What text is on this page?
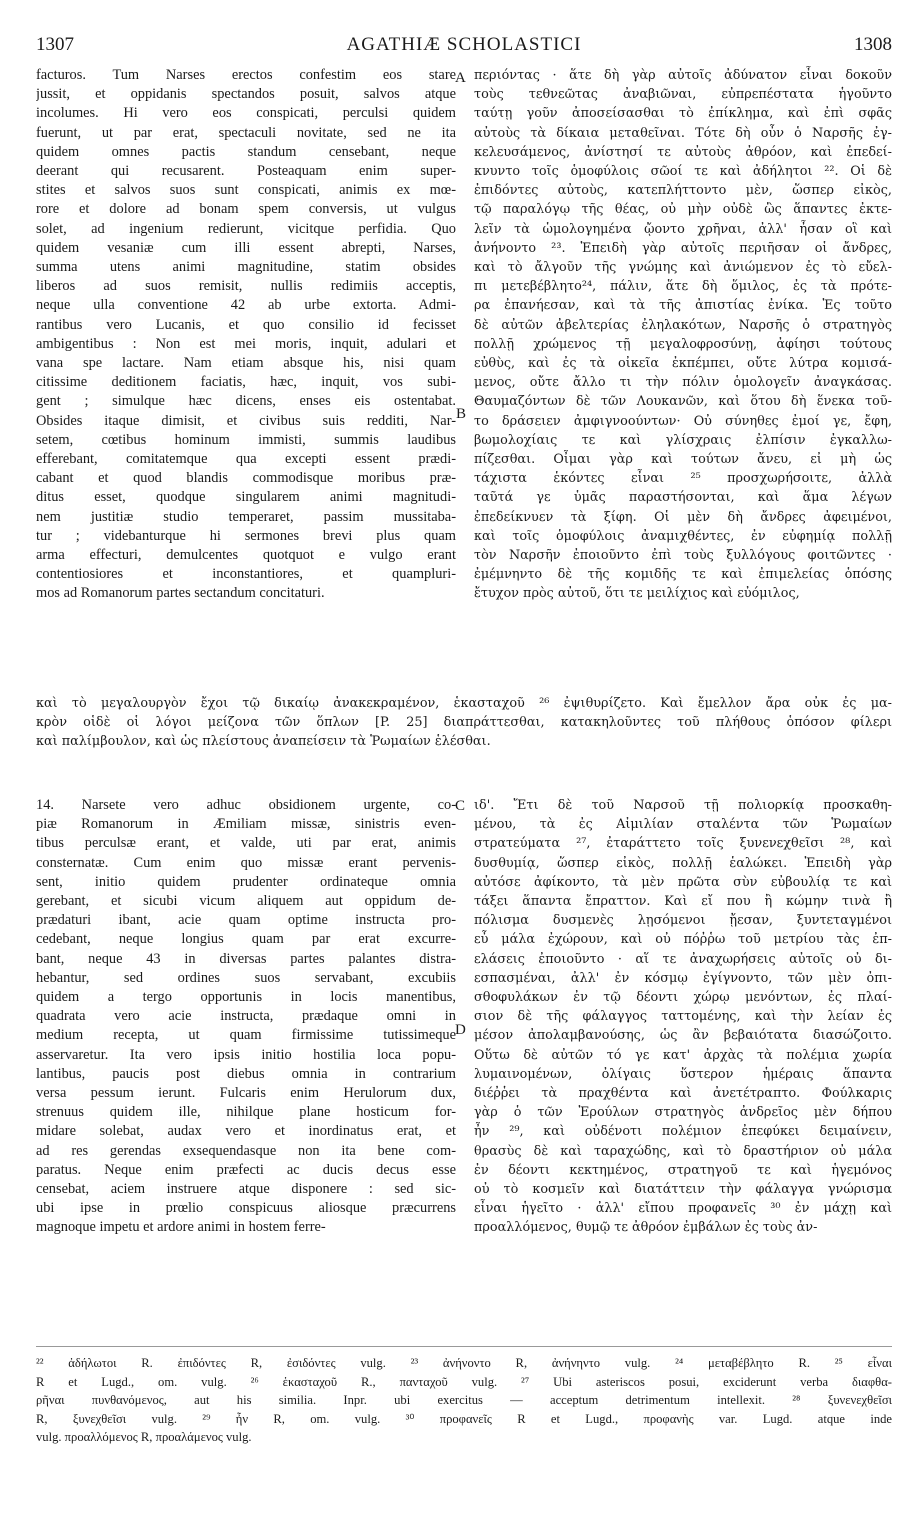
1307	AGATHIÆ SCHOLASTICI	1308
A
B
C
D
facturos. Tum Narses erectos confestim eos stare
jussit, et oppidanis spectandos posuit, salvos atque
incolumes. Hi vero eos conspicati, perculsi quidem
fuerunt, ut par erat, spectaculi novitate, sed ne ita
quidem omnes pactis standum censebant, neque
deerant qui recusarent. Posteaquam enim super-
stites et salvos suos sunt conspicati, animis ex mœ-
rore et dolore ad bonam spem conversis, ut vulgus
solet, ad ingenium redierunt, vicitque perfidia. Quo
quidem vesaniæ cum illi essent abrepti, Narses,
summa utens animi magnitudine, statim obsides
liberos ad suos remisit, nullis redimiis acceptis,
neque ulla conventione 42 ab urbe extorta. Admi-
rantibus vero Lucanis, et quo consilio id fecisset
ambigentibus : Non est mei moris, inquit, adulari et
vana spe lactare. Nam etiam absque his, nisi quam
citissime deditionem faciatis, hæc, inquit, vos subi-
gent ; simulque hæc dicens, enses eis ostentabat.
Obsides itaque dimisit, et civibus suis redditi, Nar-
setem, cœtibus hominum immisti, summis laudibus
efferebant, comitatemque qua excepti essent prædi-
cabant et quod blandis commodisque moribus præ-
ditus esset, quodque singularem animi magnitudi-
nem justitiæ studio temperaret, passim mussitaba-
tur ; videbanturque hi sermones brevi plus quam
arma effecturi, demulcentes quotquot e vulgo erant
contentiosiores et inconstantiores, et quampluri-
mos ad Romanorum partes sectandum concitaturi.
περιόντας · ἅτε δὴ γὰρ αὐτοῖς ἀδύνατον εἶναι δοκοῦν
τοὺς τεθνεῶτας ἀναβιῶναι, εὐπρεπέστατα ἡγοῦντο
ταύτῃ γοῦν ἀποσείσασθαι τὸ ἐπίκλημα, καὶ ἐπὶ σφᾶς
αὐτοὺς τὰ δίκαια μεταθεῖναι. Τότε δὴ οὖν ὁ Ναρσῆς ἐγ-
κελευσάμενος, ἀνίστησί τε αὐτοὺς ἀθρόον, καὶ ἐπεδεί-
κνυντο τοῖς ὁμοφύλοις σῶοί τε καὶ ἀδήλητοι ²². Οἱ δὲ
ἐπιδόντες αὐτοὺς, κατεπλήττοντο μὲν, ὥσπερ εἰκὸς,
τῷ παραλόγῳ τῆς θέας, οὐ μὴν οὐδὲ ὣς ἅπαντες ἐκτε-
λεῖν τὰ ὡμολογημένα ᾤοντο χρῆναι, ἀλλ' ἦσαν οἳ καὶ
ἀνήνοντο ²³. Ἐπειδὴ γὰρ αὐτοῖς περιῆσαν οἱ ἄνδρες,
καὶ τὸ ἄλγοῦν τῆς γνώμης καὶ ἀνιώμενον ἐς τὸ εὔελ-
πι μετεβέβλητο²⁴, πάλιν, ἅτε δὴ ὅμιλος, ἐς τὰ πρότε-
ρα ἐπανήεσαν, καὶ τὰ τῆς ἀπιστίας ἐνίκα. Ἐς τοῦτο
δὲ αὐτῶν ἀβελτερίας ἐληλακότων, Ναρσῆς ὁ στρατηγὸς
πολλῇ χρώμενος τῇ μεγαλοφροσύνῃ, ἀφίησι τούτους
εὐθὺς, καὶ ἐς τὰ οἰκεῖα ἐκπέμπει, οὔτε λύτρα κομισά-
μενος, οὔτε ἄλλο τι τὴν πόλιν ὁμολογεῖν ἀναγκάσας.
Θαυμαζόντων δὲ τῶν Λουκανῶν, καὶ ὅτου δὴ ἕνεκα τοῦ-
το δράσειεν ἀμφιγνοούντων· Οὐ σύνηθες ἐμοί γε, ἔφη,
βωμολοχίαις τε καὶ γλίσχραις ἐλπίσιν ἐγκαλλω-
πίζεσθαι. Οἶμαι γὰρ καὶ τούτων ἄνευ, εἰ μὴ ὡς
τάχιστα ἑκόντες εἶναι ²⁵ προσχωρήσοιτε, ἀλλὰ
ταῦτά γε ὑμᾶς παραστήσονται, καὶ ἅμα λέγων
ἐπεδείκνυεν τὰ ξίφη. Οἱ μὲν δὴ ἄνδρες ἀφειμένοι,
καὶ τοῖς ὁμοφύλοις ἀναμιχθέντες, ἐν εὐφημίᾳ πολλῇ
τὸν Ναρσῆν ἐποιοῦντο ἐπὶ τοὺς ξυλλόγους φοιτῶντες ·
ἐμέμνηντο δὲ τῆς κομιδῆς τε καὶ ἐπιμελείας ὁπόσης
ἔτυχον πρὸς αὐτοῦ, ὅτι τε μειλίχιος καὶ εὐόμιλος,
καὶ τὸ μεγαλουργὸν ἔχοι τῷ δικαίῳ ἀνακεκραμένον, ἑκασταχοῦ ²⁶ ἐψιθυρίζετο. Καὶ ἔμελλον ἄρα οὐκ ἐς μα-
κρὸν οἱδὲ οἱ λόγοι μείζονα τῶν ὅπλων [P. 25] διαπράττεσθαι, κατακηλοῦντες τοῦ πλήθους ὁπόσον φίλερι
καὶ παλίμβουλον, καὶ ὡς πλείστους ἀναπείσειν τὰ Ῥωμαίων ἑλέσθαι.
14. Narsete vero adhuc obsidionem urgente, co-
piæ Romanorum in Æmiliam missæ, sinistris even-
tibus perculsæ erant, et valde, uti par erat, animis
consternatæ. Cum enim quo missæ erant pervenis-
sent, initio quidem prudenter ordinateque omnia
gerebant, et sicubi vicum aliquem aut oppidum de-
prædaturi ibant, acie quam optime instructa pro-
cedebant, neque longius quam par erat excurre-
bant, neque 43 in diversas partes palantes distra-
hebantur, sed ordines suos servabant, excubiis
quidem a tergo opportunis in locis manentibus,
quadrata vero acie instructa, prædaque omni in
medium recepta, ut quam firmissime tutissimeque
asservaretur. Ita vero ipsis initio hostilia loca popu-
lantibus, paucis post diebus omnia in contrarium
versa pessum ierunt. Fulcaris enim Herulorum dux,
strenuus quidem ille, nihilque plane hosticum for-
midare solebat, audax vero et inordinatus erat, et
ad res gerendas exsequendasque non ita bene com-
paratus. Neque enim præfecti ac ducis decus esse
censebat, aciem instruere atque disponere : sed sic-
ubi ipse in prœlio conspicuus aliosque præcurrens
magnoque impetu et ardore animi in hostem ferre-
ιδ'. Ἔτι δὲ τοῦ Ναρσοῦ τῇ πολιορκίᾳ προσκαθη-
μένου, τὰ ἐς Αἰμιλίαν σταλέντα τῶν Ῥωμαίων
στρατεύματα ²⁷, ἐταράττετο τοῖς ξυνενεχθεῖσι ²⁸, καὶ
δυσθυμίᾳ, ὥσπερ εἰκὸς, πολλῇ ἑαλώκει. Ἐπειδὴ γὰρ
αὐτόσε ἀφίκοντο, τὰ μὲν πρῶτα σὺν εὐβουλίᾳ τε καὶ
τάξει ἅπαντα ἔπραττον. Καὶ εἴ που ἢ κώμην τινὰ ἢ
πόλισμα δυσμενὲς λῃσόμενοι ᾔεσαν, ξυντεταγμένοι
εὖ μάλα ἐχώρουν, καὶ οὐ πόῤῥω τοῦ μετρίου τὰς ἐπ-
ελάσεις ἐποιοῦντο · αἵ τε ἀναχωρήσεις αὐτοῖς οὐ δι-
εσπασμέναι, ἀλλ' ἐν κόσμῳ ἐγίγνοντο, τῶν μὲν ὀπι-
σθοφυλάκων ἐν τῷ δέοντι χώρῳ μενόντων, ἐς πλαί-
σιον δὲ τῆς φάλαγγος ταττομένης, καὶ τὴν λείαν ἐς
μέσον ἀπολαμβανούσης, ὡς ἂν βεβαιότατα διασώζοιτο.
Οὕτω δὲ αὐτῶν τό γε κατ' ἀρχὰς τὰ πολέμια χωρία
λυμαινομένων, ὀλίγαις ὕστερον ἡμέραις ἅπαντα
διέῤῥει τὰ πραχθέντα καὶ ἀνετέτραπτο. Φούλκαρις
γὰρ ὁ τῶν Ἐρούλων στρατηγὸς ἀνδρεῖος μὲν δήπου
ἦν ²⁹, καὶ οὐδένοτι πολέμιον ἐπεφύκει δειμαίνειν,
θρασὺς δὲ καὶ ταραχώδης, καὶ τὸ δραστήριον οὐ μάλα
ἐν δέοντι κεκτημένος, στρατηγοῦ τε καὶ ἡγεμόνος
οὐ τὸ κοσμεῖν καὶ διατάττειν τὴν φάλαγγα γνώρισμα
εἶναι ἡγεῖτο · ἀλλ' εἴπου προφανεῖς ³⁰ ἐν μάχῃ καὶ
προαλλόμενος, θυμῷ τε ἀθρόον ἐμβάλων ἐς τοὺς ἀν-
²² ἀδήλωτοι R. ἐπιδόντες R, ἐσιδόντες vulg. ²³ ἀνήνοντο R, ἀνήνηντο vulg. ²⁴ μεταβέβλητο R. ²⁵ εἶναι
R et Lugd., om. vulg. ²⁶ ἑκασταχοῦ R., πανταχοῦ vulg. ²⁷ Ubi asteriscos posui, exciderunt verba διαφθα-
ρῆναι πυνθανόμενος, aut his similia. Inpr. ubi exercitus — acceptum detrimentum intellexit. ²⁸ ξυνενεχθεῖσι
R, ξυνεχθεῖσι vulg. ²⁹ ἦν R, om. vulg. ³⁰ προφανεῖς R et Lugd., προφανὴς var. Lugd. atque inde
vulg. προαλλόμενος R, προαλάμενος vulg.
